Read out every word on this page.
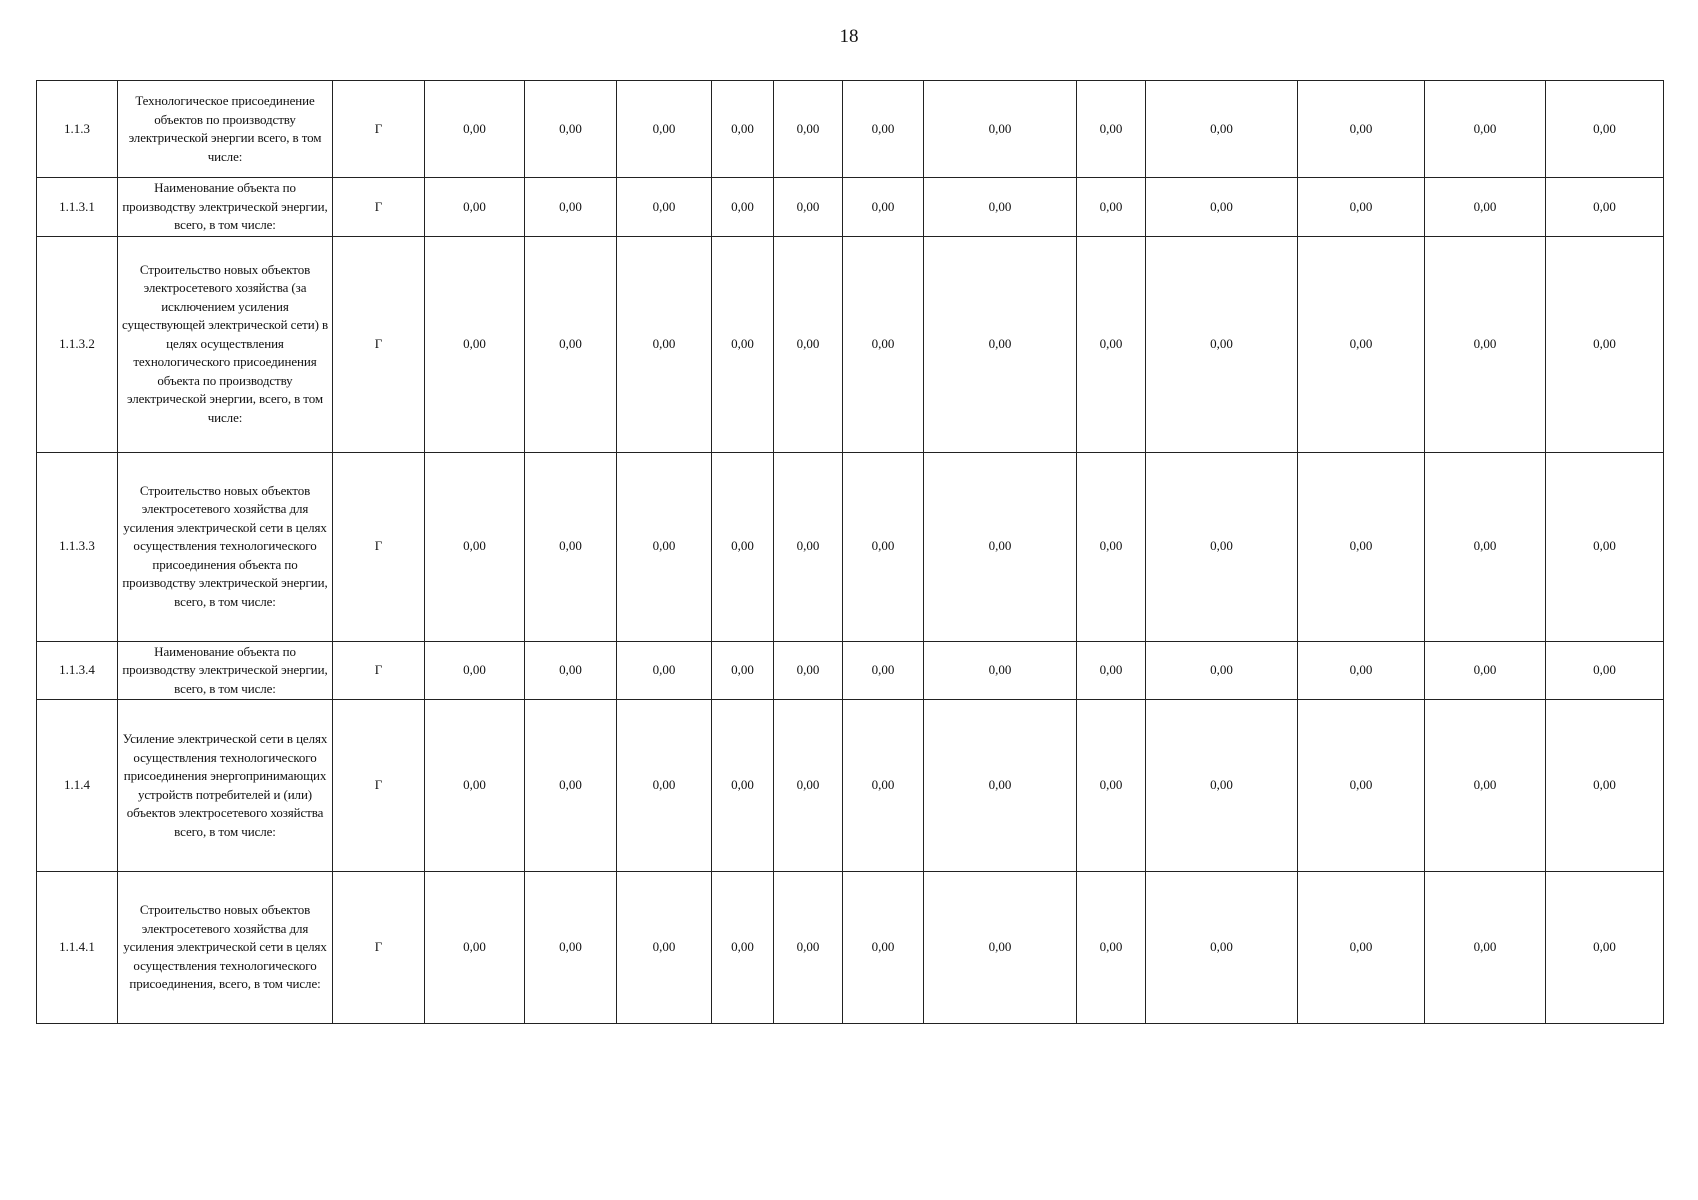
18
1.1.3	Технологическое присоединение объектов по производству электрической энергии всего, в том числе:	Г	0,00	0,00	0,00	0,00	0,00	0,00	0,00	0,00	0,00	0,00	0,00	0,00
1.1.3.1	Наименование объекта по производству электрической энергии, всего, в том числе:	Г	0,00	0,00	0,00	0,00	0,00	0,00	0,00	0,00	0,00	0,00	0,00	0,00
1.1.3.2	Строительство новых объектов электросетевого хозяйства (за исключением усиления существующей электрической сети) в целях осуществления технологического присоединения объекта по производству электрической энергии, всего, в том числе:	Г	0,00	0,00	0,00	0,00	0,00	0,00	0,00	0,00	0,00	0,00	0,00	0,00
1.1.3.3	Строительство новых объектов электросетевого хозяйства для усиления электрической сети в целях осуществления технологического присоединения объекта по производству электрической энергии, всего, в том числе:	Г	0,00	0,00	0,00	0,00	0,00	0,00	0,00	0,00	0,00	0,00	0,00	0,00
1.1.3.4	Наименование объекта по производству электрической энергии, всего, в том числе:	Г	0,00	0,00	0,00	0,00	0,00	0,00	0,00	0,00	0,00	0,00	0,00	0,00
1.1.4	Усиление электрической сети в целях осуществления технологического присоединения энергопринимающих устройств потребителей и (или) объектов электросетевого хозяйства всего, в том числе:	Г	0,00	0,00	0,00	0,00	0,00	0,00	0,00	0,00	0,00	0,00	0,00	0,00
1.1.4.1	Строительство новых объектов электросетевого хозяйства для усиления электрической сети в целях осуществления технологического присоединения, всего, в том числе:	Г	0,00	0,00	0,00	0,00	0,00	0,00	0,00	0,00	0,00	0,00	0,00	0,00
